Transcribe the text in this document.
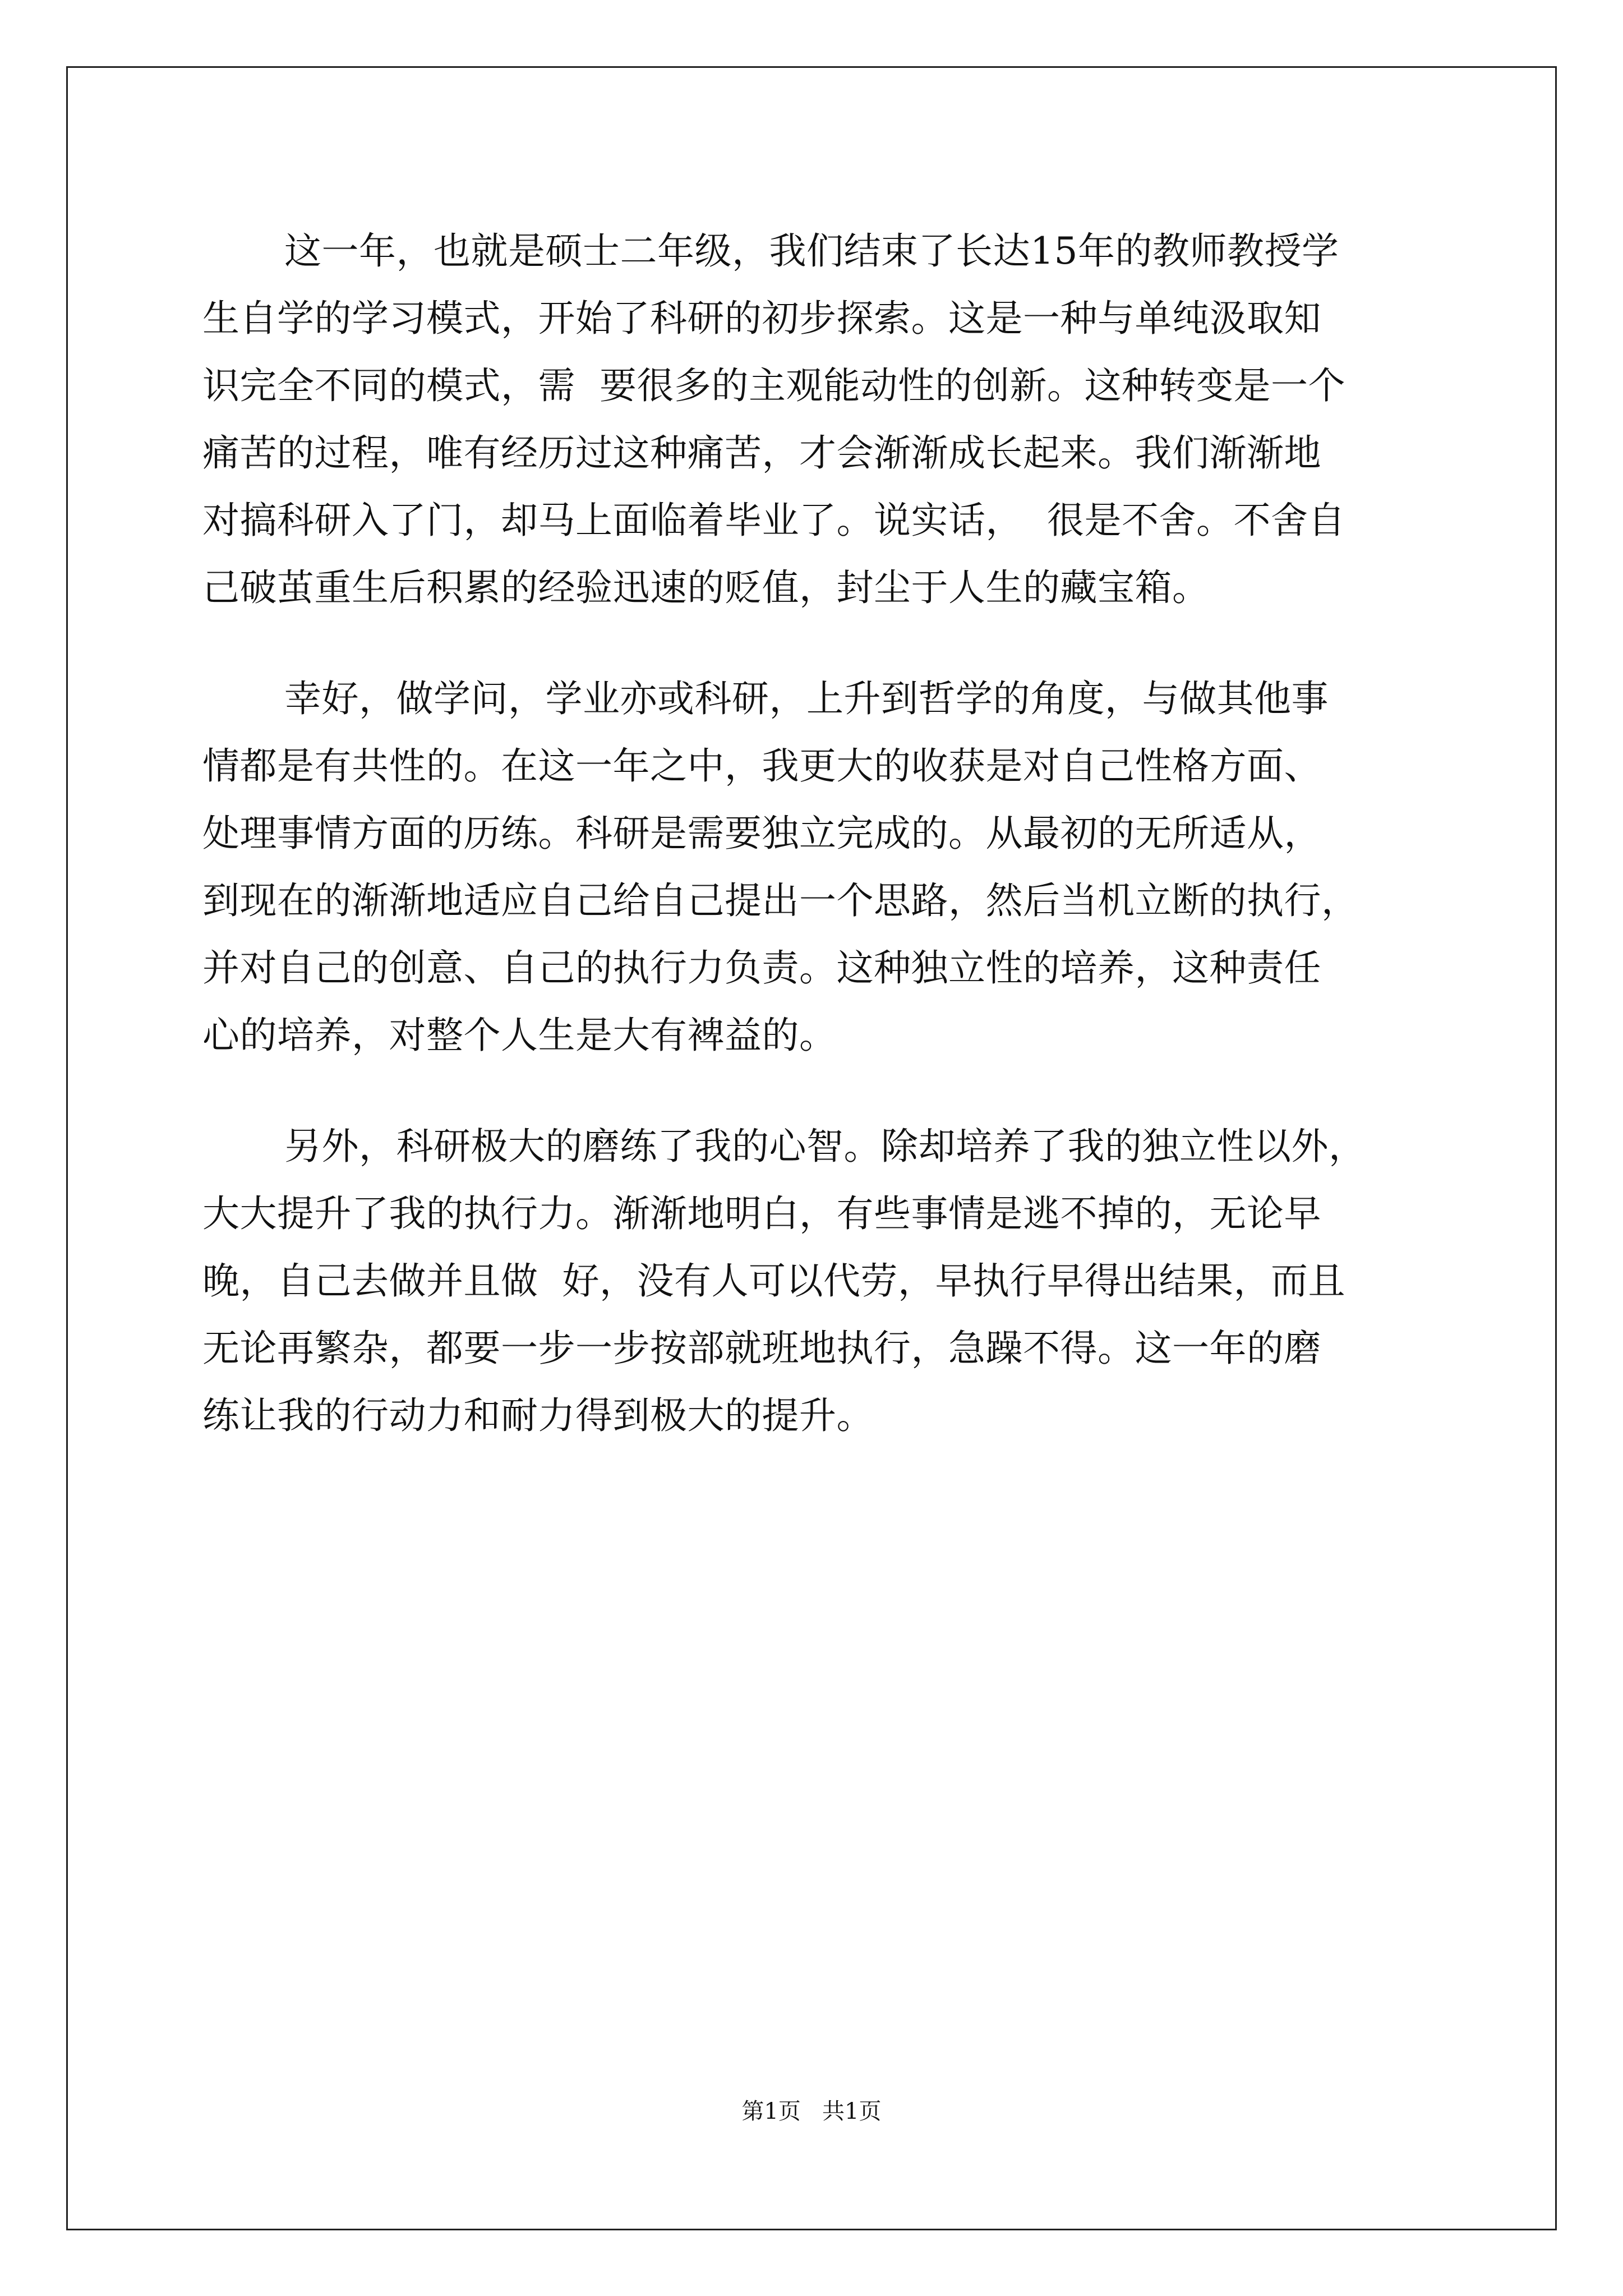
这一年，也就是硕士二年级，我们结束了长达15年的教师教授学
生自学的学习模式，开始了科研的初步探索。这是一种与单纯汲取知
识完全不同的模式，需  要很多的主观能动性的创新。这种转变是一个
痛苦的过程，唯有经历过这种痛苦，才会渐渐成长起来。我们渐渐地
对搞科研入了门，却马上面临着毕业了。说实话，  很是不舍。不舍自
己破茧重生后积累的经验迅速的贬值，封尘于人生的藏宝箱。
幸好，做学问，学业亦或科研，上升到哲学的角度，与做其他事
情都是有共性的。在这一年之中，我更大的收获是对自己性格方面、
处理事情方面的历练。科研是需要独立完成的。从最初的无所适从，
到现在的渐渐地适应自己给自己提出一个思路，然后当机立断的执行，
并对自己的创意、自己的执行力负责。这种独立性的培养，这种责任
心的培养，对整个人生是大有裨益的。
另外，科研极大的磨练了我的心智。除却培养了我的独立性以外，
大大提升了我的执行力。渐渐地明白，有些事情是逃不掉的，无论早
晚，自己去做并且做  好，没有人可以代劳，早执行早得出结果，而且
无论再繁杂，都要一步一步按部就班地执行，急躁不得。这一年的磨
练让我的行动力和耐力得到极大的提升。
第1页   共1页
